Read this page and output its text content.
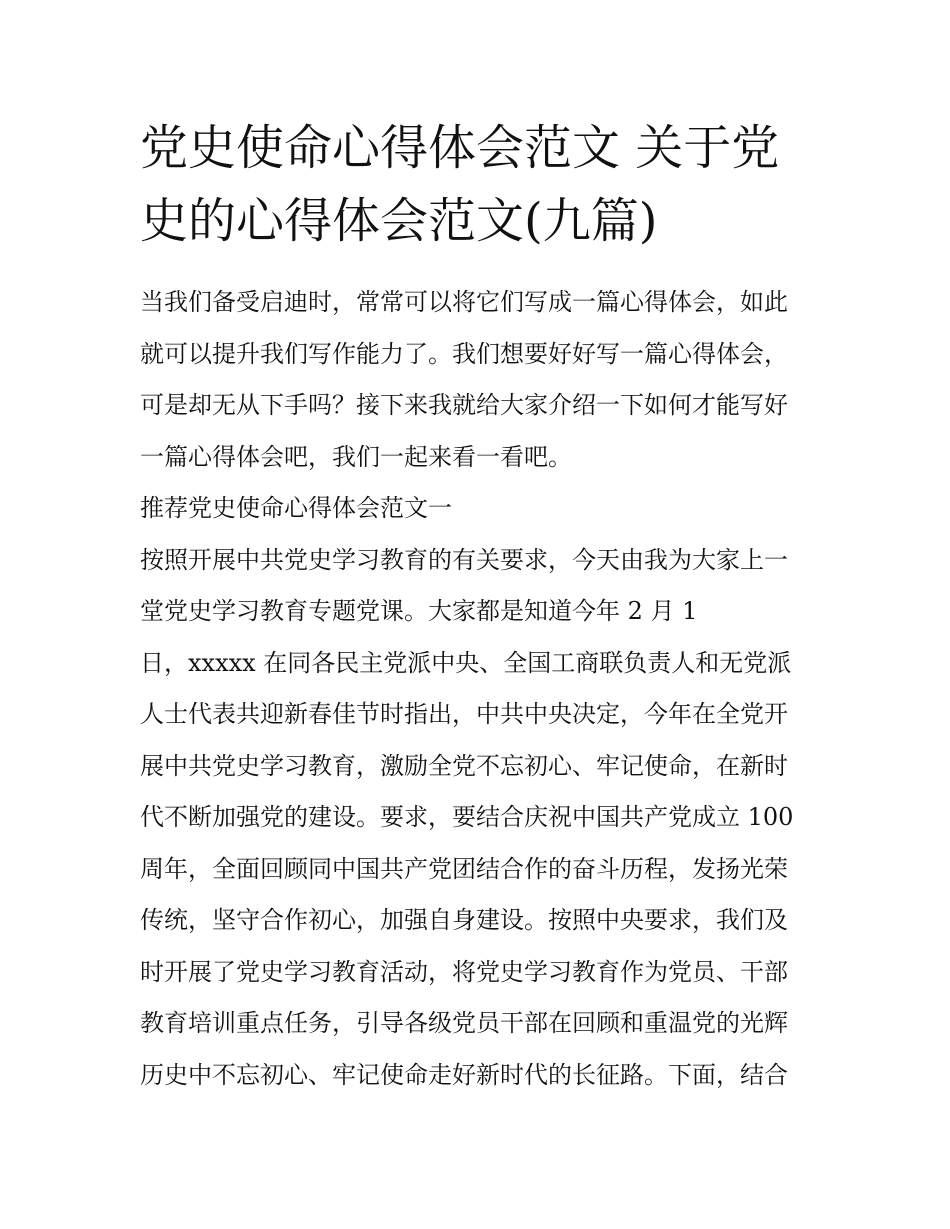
党史使命心得体会范文 关于党
史的心得体会范文(九篇)
当我们备受启迪时，常常可以将它们写成一篇心得体会，如此
就可以提升我们写作能力了。我们想要好好写一篇心得体会，
可是却无从下手吗？接下来我就给大家介绍一下如何才能写好
一篇心得体会吧，我们一起来看一看吧。
推荐党史使命心得体会范文一
按照开展中共党史学习教育的有关要求，今天由我为大家上一
堂党史学习教育专题党课。大家都是知道今年 2 月 1
日，xxxxx 在同各民主党派中央、全国工商联负责人和无党派
人士代表共迎新春佳节时指出，中共中央决定，今年在全党开
展中共党史学习教育，激励全党不忘初心、牢记使命，在新时
代不断加强党的建设。要求，要结合庆祝中国共产党成立 100
周年，全面回顾同中国共产党团结合作的奋斗历程，发扬光荣
传统，坚守合作初心，加强自身建设。按照中央要求，我们及
时开展了党史学习教育活动，将党史学习教育作为党员、干部
教育培训重点任务，引导各级党员干部在回顾和重温党的光辉
历史中不忘初心、牢记使命走好新时代的长征路。下面，结合
